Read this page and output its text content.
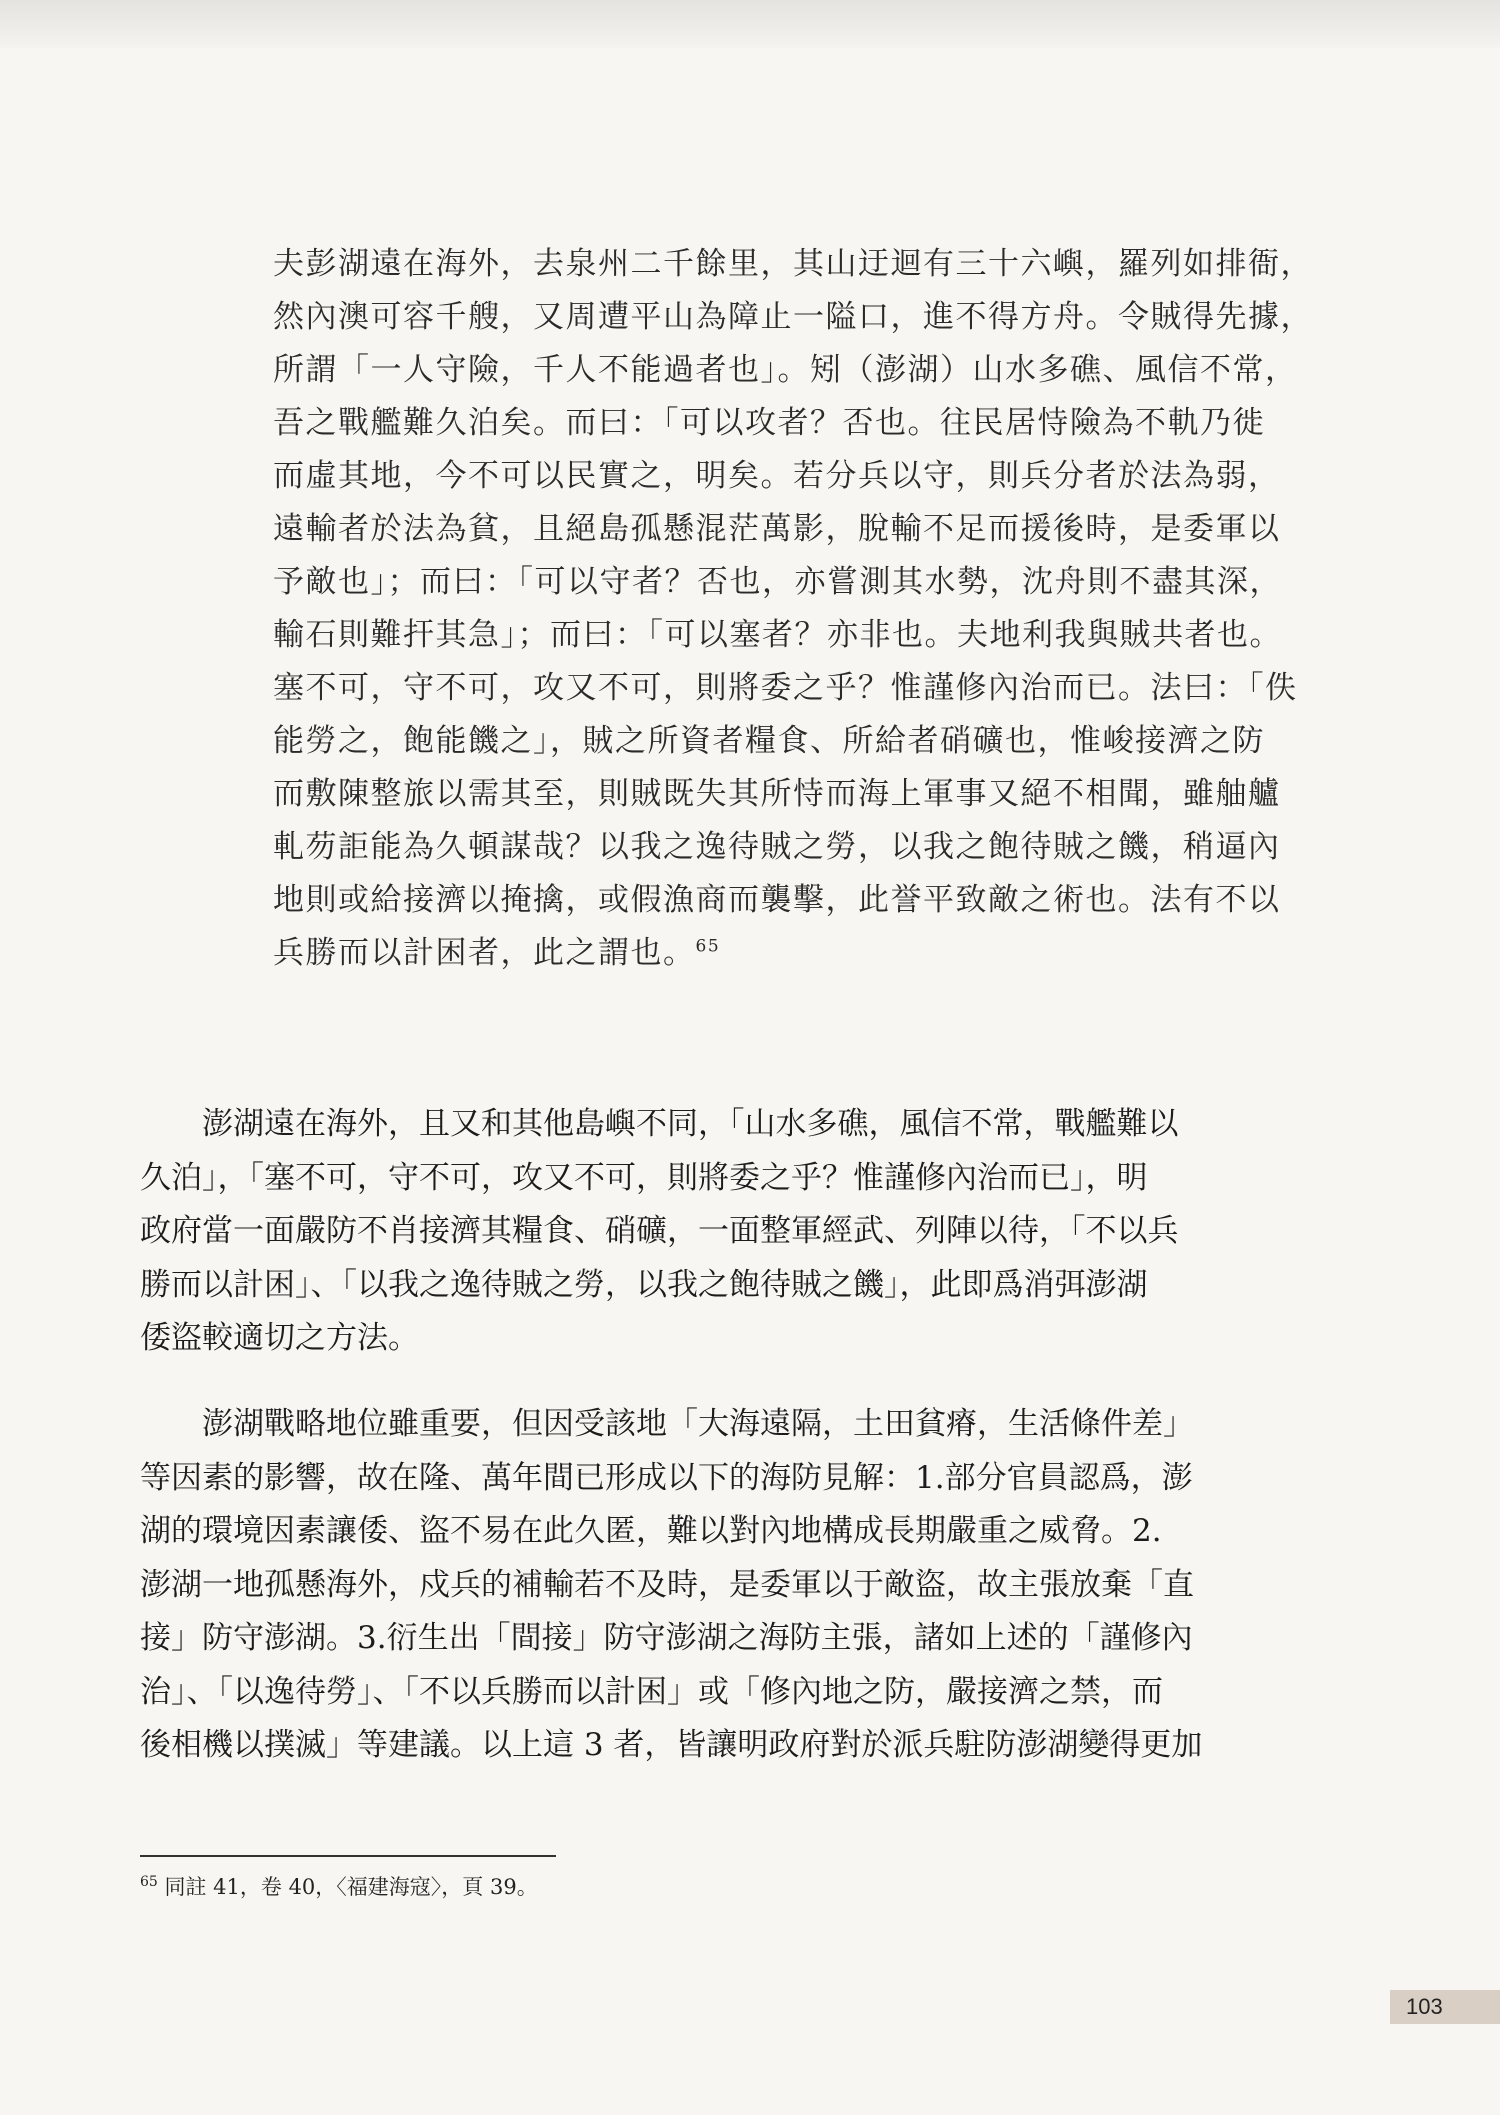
夫彭湖遠在海外，去泉州二千餘里，其山迂迴有三十六嶼，羅列如排衙，
然內澳可容千艘，又周遭平山為障止一隘口，進不得方舟。令賊得先據，
所謂「一人守險，千人不能過者也」。矧（澎湖）山水多礁、風信不常，
吾之戰艦難久泊矣。而曰：「可以攻者？否也。往民居恃險為不軌乃徙
而虛其地，今不可以民實之，明矣。若分兵以守，則兵分者於法為弱，
遠輸者於法為貧，且絕島孤懸混茫萬影，脫輸不足而援後時，是委軍以
予敵也」；而曰：「可以守者？否也，亦嘗測其水勢，沈舟則不盡其深，
輸石則難扞其急」；而曰：「可以塞者？亦非也。夫地利我與賊共者也。
塞不可，守不可，攻又不可，則將委之乎？惟謹修內治而已。法曰：「佚
能勞之，飽能饑之」，賊之所資者糧食、所給者硝礦也，惟峻接濟之防
而敷陳整旅以需其至，則賊既失其所恃而海上軍事又絕不相聞，雖舳艫
軋芴詎能為久頓謀哉？以我之逸待賊之勞，以我之飽待賊之饑，稍逼內
地則或給接濟以掩擒，或假漁商而襲擊，此誉平致敵之術也。法有不以
兵勝而以計困者，此之謂也。$^{65}$
　　澎湖遠在海外，且又和其他島嶼不同，「山水多礁，風信不常，戰艦難以
久泊」，「塞不可，守不可，攻又不可，則將委之乎？惟謹修內治而已」，明
政府當一面嚴防不肖接濟其糧食、硝礦，一面整軍經武、列陣以待，「不以兵
勝而以計困」、「以我之逸待賊之勞，以我之飽待賊之饑」，此即爲消弭澎湖
倭盜較適切之方法。
　　澎湖戰略地位雖重要，但因受該地「大海遠隔，土田貧瘠，生活條件差」
等因素的影響，故在隆、萬年間已形成以下的海防見解：1.部分官員認爲，澎
湖的環境因素讓倭、盜不易在此久匿，難以對內地構成長期嚴重之威脅。2.
澎湖一地孤懸海外，戍兵的補輸若不及時，是委軍以于敵盜，故主張放棄「直
接」防守澎湖。3.衍生出「間接」防守澎湖之海防主張，諸如上述的「謹修內
治」、「以逸待勞」、「不以兵勝而以計困」或「修內地之防，嚴接濟之禁，而
後相機以撲滅」等建議。以上這 3 者，皆讓明政府對於派兵駐防澎湖變得更加
$^{65}$ 同註 41，卷 40，〈福建海寇〉，頁 39。
103
